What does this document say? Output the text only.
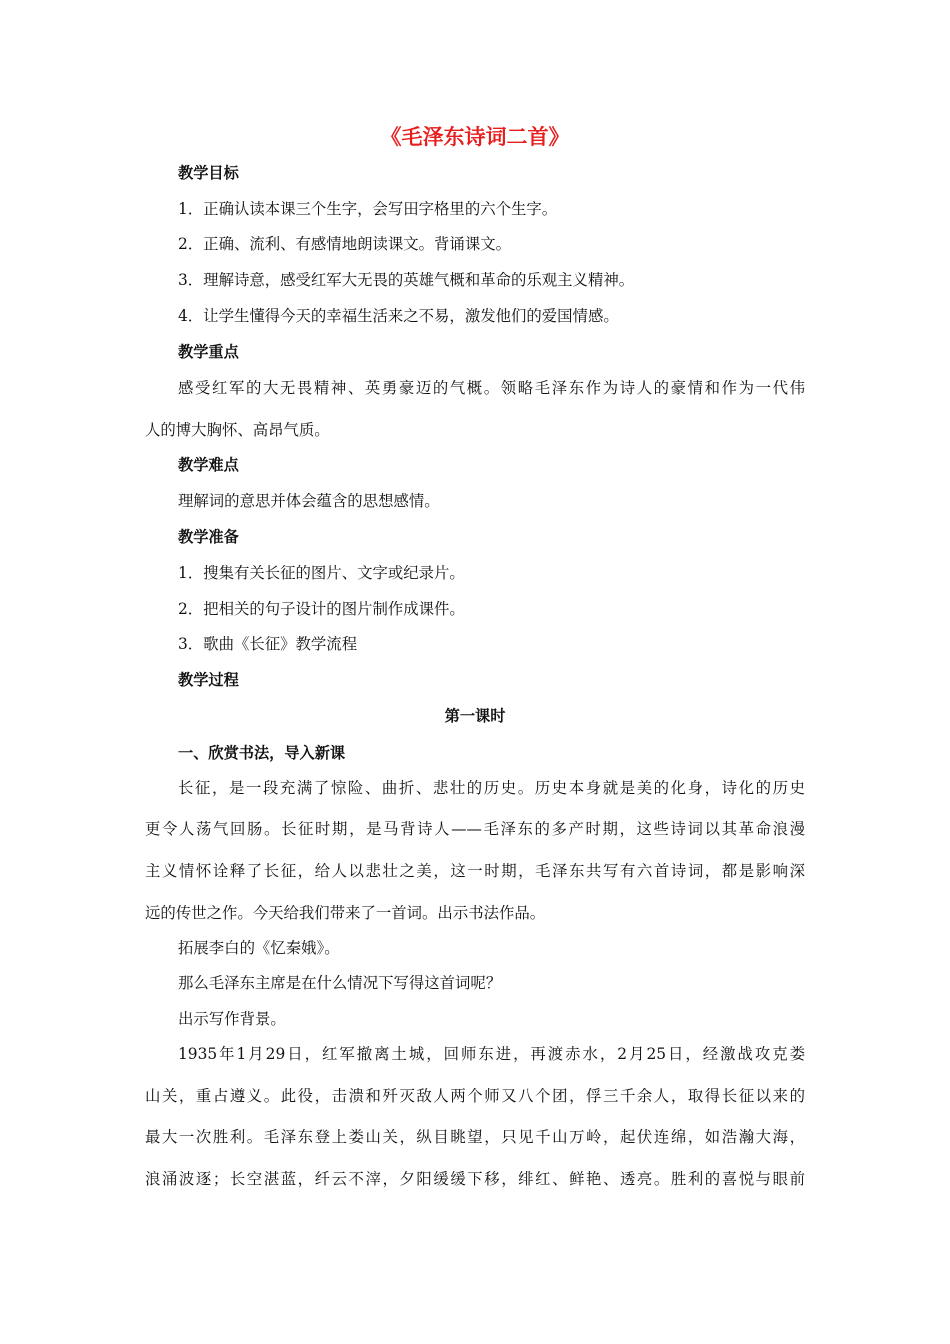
《毛泽东诗词二首》
教学目标
1．正确认读本课三个生字，会写田字格里的六个生字。
2．正确、流利、有感情地朗读课文。背诵课文。
3．理解诗意，感受红军大无畏的英雄气概和革命的乐观主义精神。
4．让学生懂得今天的幸福生活来之不易，激发他们的爱国情感。
教学重点
感受红军的大无畏精神、英勇豪迈的气概。领略毛泽东作为诗人的豪情和作为一代伟
人的博大胸怀、高昂气质。
教学难点
理解词的意思并体会蕴含的思想感情。
教学准备
1．搜集有关长征的图片、文字或纪录片。
2．把相关的句子设计的图片制作成课件。
3．歌曲《长征》教学流程
教学过程
第一课时
一、欣赏书法，导入新课
长征，是一段充满了惊险、曲折、悲壮的历史。历史本身就是美的化身，诗化的历史
更令人荡气回肠。长征时期，是马背诗人——毛泽东的多产时期，这些诗词以其革命浪漫
主义情怀诠释了长征，给人以悲壮之美，这一时期，毛泽东共写有六首诗词，都是影响深
远的传世之作。今天给我们带来了一首词。出示书法作品。
拓展李白的《忆秦娥》。
那么毛泽东主席是在什么情况下写得这首词呢？
出示写作背景。
1935年1月29日，红军撤离土城，回师东进，再渡赤水，2月25日，经激战攻克娄
山关，重占遵义。此役，击溃和歼灭敌人两个师又八个团，俘三千余人，取得长征以来的
最大一次胜利。毛泽东登上娄山关，纵目眺望，只见千山万岭，起伏连绵，如浩瀚大海，
浪涌波逐；长空湛蓝，纤云不滓，夕阳缓缓下移，绯红、鲜艳、透亮。胜利的喜悦与眼前
